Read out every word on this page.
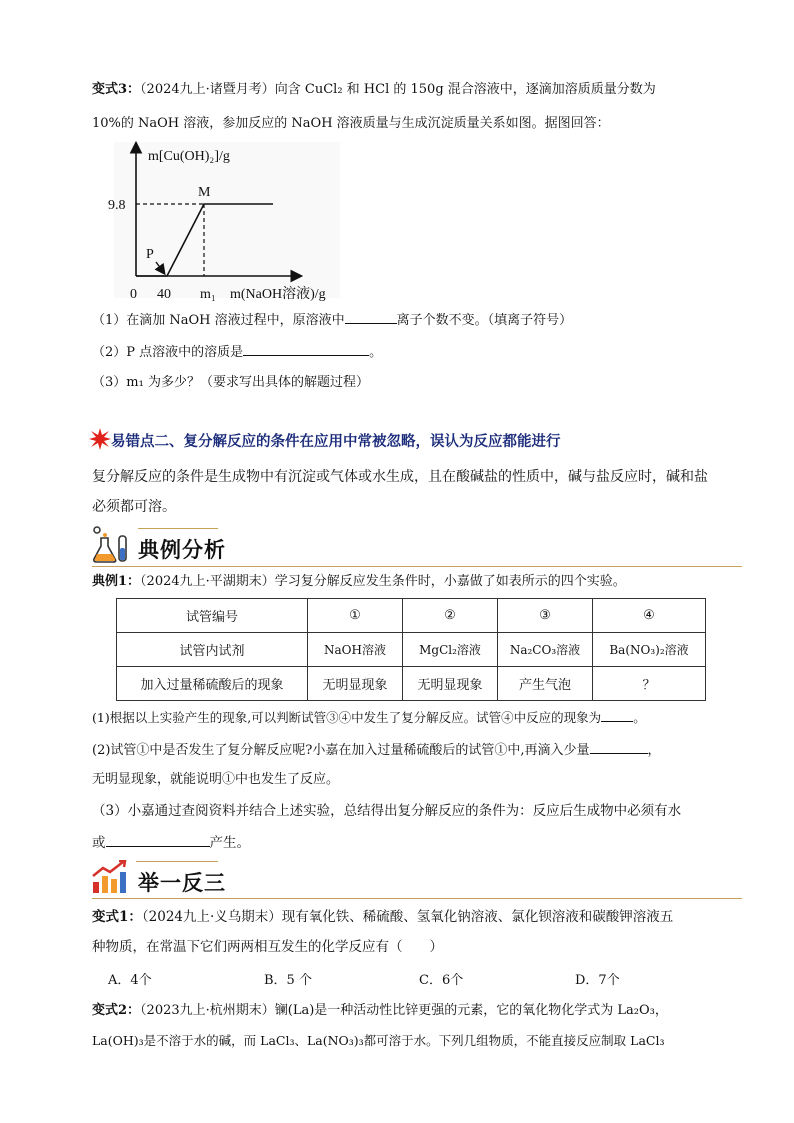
变式3：（2024九上·诸暨月考）向含 CuCl₂ 和 HCl 的 150g 混合溶液中，逐滴加溶质质量分数为
10%的 NaOH 溶液，参加反应的 NaOH 溶液质量与生成沉淀质量关系如图。据图回答：
m[Cu(OH)₂]/g
m(NaOH溶液)/g
9.8
0 40 m₁
M
P
（1）在滴加 NaOH 溶液过程中，原溶液中	离子个数不变。（填离子符号）
（2）P 点溶液中的溶质是	。
（3）m₁ 为多少？（要求写出具体的解题过程）
易错点二、复分解反应的条件在应用中常被忽略，误认为反应都能进行
复分解反应的条件是生成物中有沉淀或气体或水生成，且在酸碱盐的性质中，碱与盐反应时，碱和盐
必须都可溶。
典例分析
典例1：（2024九上·平湖期末）学习复分解反应发生条件时，小嘉做了如表所示的四个实验。
试管编号	①	②	③	④
试管内试剂	NaOH溶液	MgCl₂溶液	Na₂CO₃溶液	Ba(NO₃)₂溶液
加入过量稀硫酸后的现象	无明显现象	无明显现象	产生气泡	？
(1)根据以上实验产生的现象,可以判断试管③④中发生了复分解反应。试管④中反应的现象为	。
(2)试管①中是否发生了复分解反应呢?小嘉在加入过量稀硫酸后的试管①中,再滴入少量	，
无明显现象，就能说明①中也发生了反应。
（3）小嘉通过查阅资料并结合上述实验，总结得出复分解反应的条件为：反应后生成物中必须有水
或	产生。
举一反三
变式1：（2024九上·义乌期末）现有氧化铁、稀硫酸、氢氧化钠溶液、氯化钡溶液和碳酸钾溶液五
种物质，在常温下它们两两相互发生的化学反应有（　　）
A．4个	B．5 个	C．6个	D．7个
变式2：（2023九上·杭州期末）镧(La)是一种活动性比锌更强的元素，它的氧化物化学式为 La₂O₃，
La(OH)₃是不溶于水的碱，而 LaCl₃、La(NO₃)₃都可溶于水。下列几组物质，不能直接反应制取 LaCl₃
